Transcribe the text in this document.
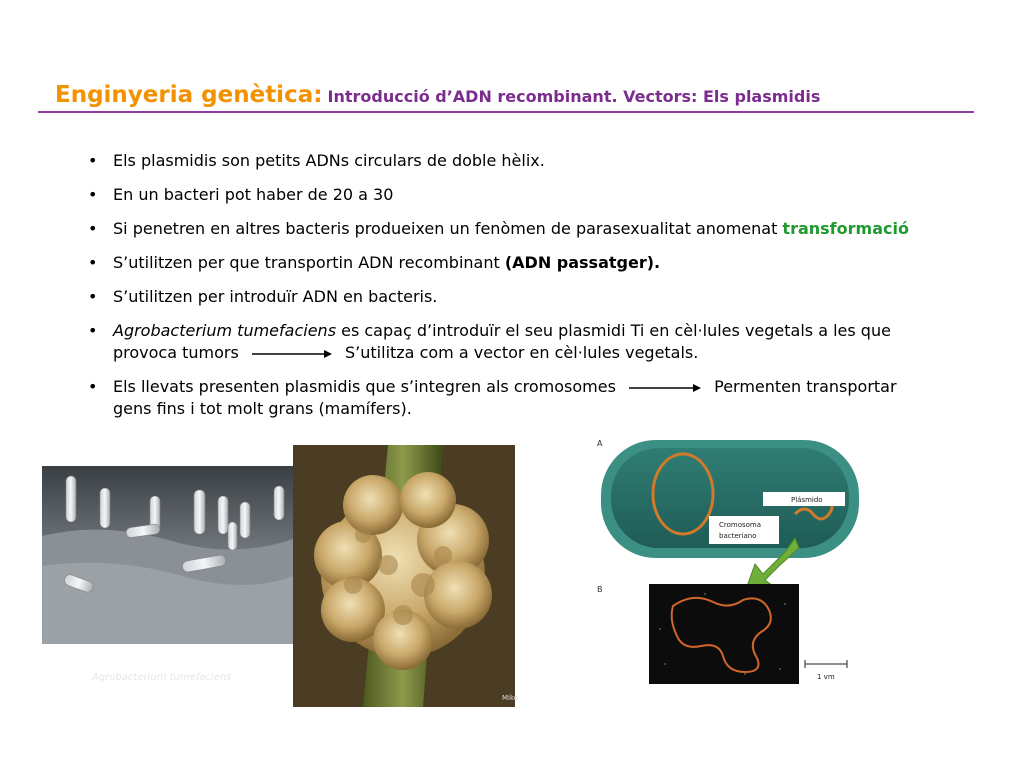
Enginyeria genètica: Introducció d’ADN recombinant. Vectors: Els plasmidis
• Els plasmidis son petits ADNs circulars de doble hèlix.
• En un bacteri pot haber de 20 a 30
• Si penetren en altres bacteris produeixen un fenòmen de parasexualitat anomenat transformació
• S’utilitzen per que transportin ADN recombinant (ADN passatger).
• S’utilitzen per introduïr ADN en bacteris.
• Agrobacterium tumefaciens es capaç d’introduïr el seu plasmidi Ti en cèl·lules vegetals a les que
provoca tumors	S’utilitza com a vector en cèl·lules vegetals.
• Els llevats presenten plasmidis que s’integren als cromosomes	Permenten transportar
gens fins i tot molt grans (mamífers).
Agrobacterium tumefaciens
Mike
A
Plásmido
Cromosoma
bacteriano
B
1 vm
